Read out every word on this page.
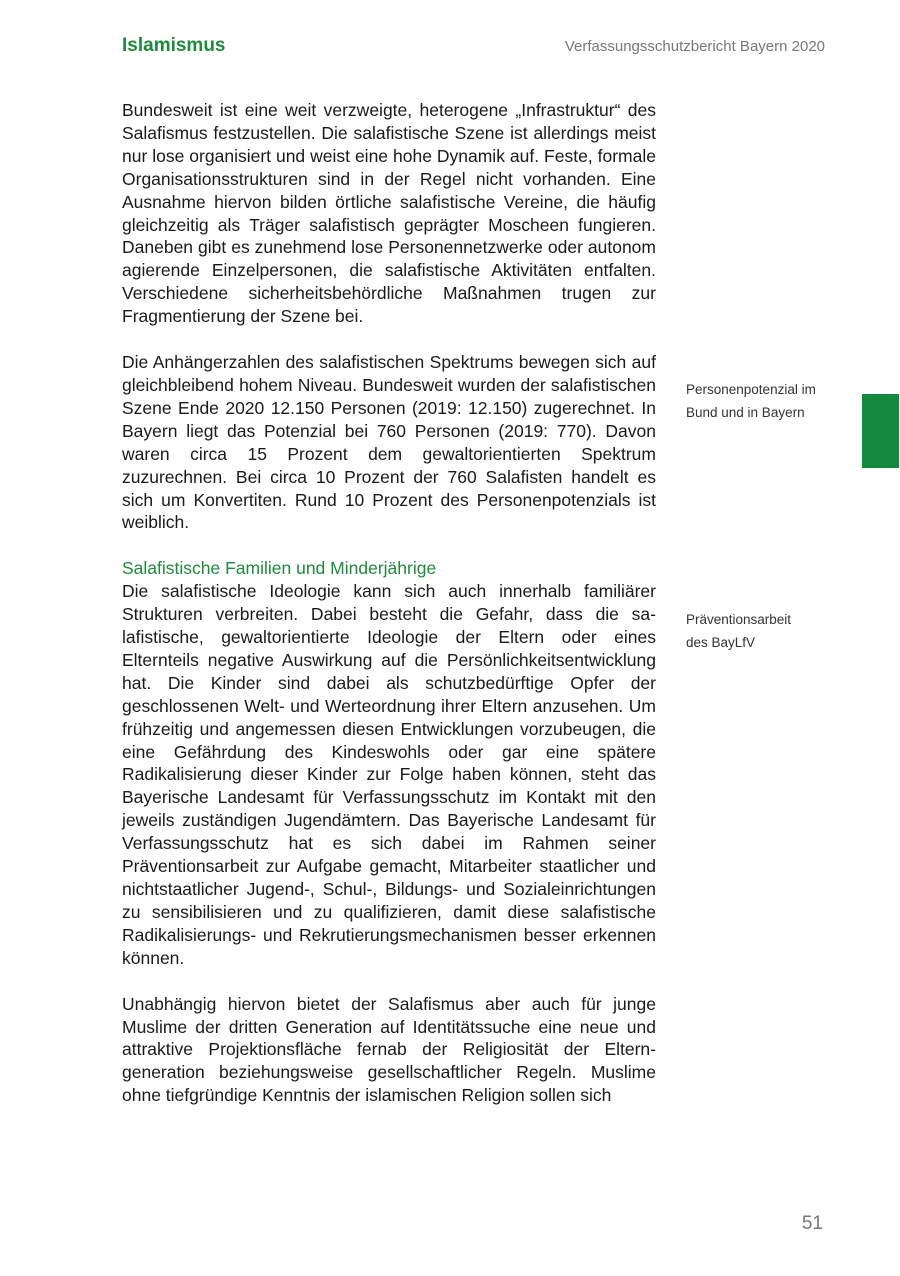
Islamismus	Verfassungsschutzbericht Bayern 2020

Bundesweit ist eine weit verzweigte, heterogene „Infrastruktur“ des Salafismus festzustellen. Die salafistische Szene ist allerdings meist nur lose organisiert und weist eine hohe Dynamik auf. Feste, formale Organisationsstrukturen sind in der Regel nicht vorhanden. Eine Ausnahme hiervon bilden örtliche salafistische Vereine, die häufig gleichzeitig als Träger salafistisch geprägter Moscheen fungieren. Daneben gibt es zunehmend lose Personennetzwerke oder autonom agierende Einzelpersonen, die salafistische Aktivitäten entfalten. Verschiedene sicherheitsbehördliche Maßnahmen trugen zur Fragmentierung der Szene bei.

Die Anhängerzahlen des salafistischen Spektrums bewegen sich auf gleichbleibend hohem Niveau. Bundesweit wurden der salafistischen Szene Ende 2020 12.150 Personen (2019: 12.150) zugerechnet. In Bayern liegt das Potenzial bei 760 Personen (2019: 770). Davon waren circa 15 Prozent dem gewaltorientierten Spektrum zuzurechnen. Bei circa 10 Prozent der 760 Salafisten handelt es sich um Konvertiten. Rund 10 Prozent des Personenpotenzials ist weiblich.

Salafistische Familien und Minderjährige

Die salafistische Ideologie kann sich auch innerhalb familiärer Strukturen verbreiten. Dabei besteht die Gefahr, dass die salafistische, gewaltorientierte Ideologie der Eltern oder eines Elternteils negative Auswirkung auf die Persönlichkeitsentwicklung hat. Die Kinder sind dabei als schutzbedürftige Opfer der geschlossenen Welt- und Werteordnung ihrer Eltern anzusehen. Um frühzeitig und angemessen diesen Entwicklungen vorzubeugen, die eine Gefährdung des Kindeswohls oder gar eine spätere Radikalisierung dieser Kinder zur Folge haben können, steht das Bayerische Landesamt für Verfassungsschutz im Kontakt mit den jeweils zuständigen Jugendämtern. Das Bayerische Landesamt für Verfassungsschutz hat es sich dabei im Rahmen seiner Präventionsarbeit zur Aufgabe gemacht, Mitarbeiter staatlicher und nichtstaatlicher Jugend-, Schul-, Bildungs- und Sozialeinrichtungen zu sensibilisieren und zu qualifizieren, damit diese salafistische Radikalisierungs- und Rekrutierungsmechanismen besser erkennen können.

Unabhängig hiervon bietet der Salafismus aber auch für junge Muslime der dritten Generation auf Identitätssuche eine neue und attraktive Projektionsfläche fernab der Religiosität der Elterngeneration beziehungsweise gesellschaftlicher Regeln. Muslime ohne tiefgründige Kenntnis der islamischen Religion sollen sich

Personenpotenzial im Bund und in Bayern
Präventionsarbeit des BayLfV
51
